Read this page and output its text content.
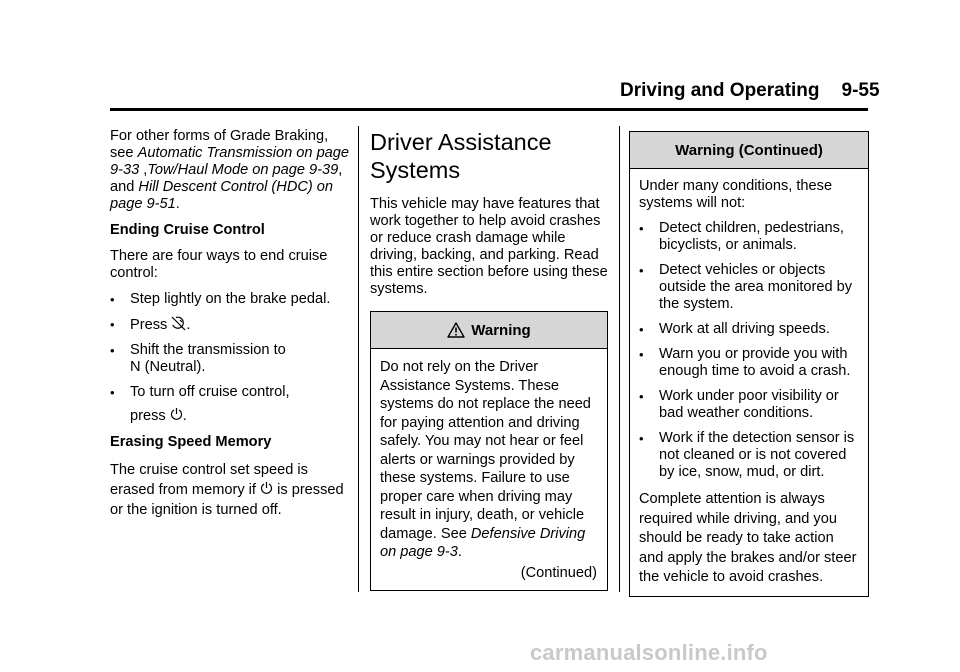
Driving and Operating 9-55

For other forms of Grade Braking, see Automatic Transmission on page 9-33 ,Tow/Haul Mode on page 9-39, and Hill Descent Control (HDC) on page 9-51.

Ending Cruise Control

There are four ways to end cruise control:

• Step lightly on the brake pedal.
• Press .
• Shift the transmission to
N (Neutral).
• To turn off cruise control,
press .

Erasing Speed Memory

The cruise control set speed is
erased from memory if is pressed
or the ignition is turned off.

Driver Assistance
Systems

This vehicle may have features that work together to help avoid crashes or reduce crash damage while driving, backing, and parking. Read this entire section before using these systems.

Warning

Do not rely on the Driver Assistance Systems. These systems do not replace the need for paying attention and driving safely. You may not hear or feel alerts or warnings provided by these systems. Failure to use proper care when driving may result in injury, death, or vehicle damage. See Defensive Driving on page 9-3.

(Continued)
Warning (Continued)

Under many conditions, these systems will not:

• Detect children, pedestrians, bicyclists, or animals.
• Detect vehicles or objects outside the area monitored by the system.
• Work at all driving speeds.
• Warn you or provide you with enough time to avoid a crash.
• Work under poor visibility or bad weather conditions.
• Work if the detection sensor is not cleaned or is not covered by ice, snow, mud, or dirt.

Complete attention is always required while driving, and you should be ready to take action and apply the brakes and/or steer the vehicle to avoid crashes.

carmanualsonline.info
